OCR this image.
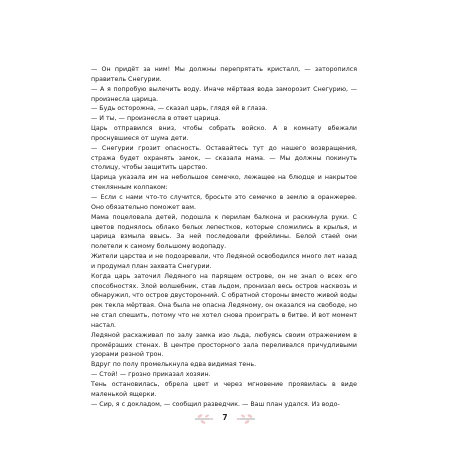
— Он придёт за ним! Мы должны перепрятать кристалл, — заторопился правитель Снегурии.

— А я попробую вылечить воду. Иначе мёртвая вода заморозит Снегурию, — произнесла царица.

— Будь осторожна, — сказал царь, глядя ей в глаза.

— И ты, — произнесла в ответ царица.

Царь отправился вниз, чтобы собрать войско. А в комнату вбежали проснувшиеся от шума дети.

— Снегурии грозит опасность. Оставайтесь тут до нашего возвращения, стража будет охранять замок, — сказала мама. — Мы должны покинуть столицу, чтобы защитить царство.

Царица указала им на небольшое семечко, лежащее на блюдце и накрытое стеклянным колпаком:

— Если с нами что-то случится, бросьте это семечко в землю в оранжерее. Оно обязательно поможет вам.

Мама поцеловала детей, подошла к перилам балкона и раскинула руки. С цветов поднялось облако белых лепестков, которые сложились в крылья, и царица взмыла ввысь. За ней последовали фрейлины. Белой стаей они полетели к самому большому водопаду.

Жители царства и не подозревали, что Ледяной освободился много лет назад и продумал план захвата Снегурии.

Когда царь заточил Ледяного на парящем острове, он не знал о всех его способностях. Злой волшебник, став льдом, пронизал весь остров насквозь и обнаружил, что остров двусторонний. С обратной стороны вместо живой воды рек текла мёртвая. Она была не опасна Ледяному, он оказался на свободе, но не стал спешить, потому что не хотел снова проиграть в битве. И вот момент настал.

Ледяной расхаживал по залу замка изо льда, любуясь своим отражением в промёрзших стенах. В центре просторного зала переливался причудливыми узорами резной трон.

Вдруг по полу промелькнула едва видимая тень.

— Стой! — грозно приказал хозяин.

Тень остановилась, обрела цвет и через мгновение проявилась в виде маленькой ящерки.

— Сир, я с докладом, — сообщил разведчик. — Ваш план удался. Из водо-

7
